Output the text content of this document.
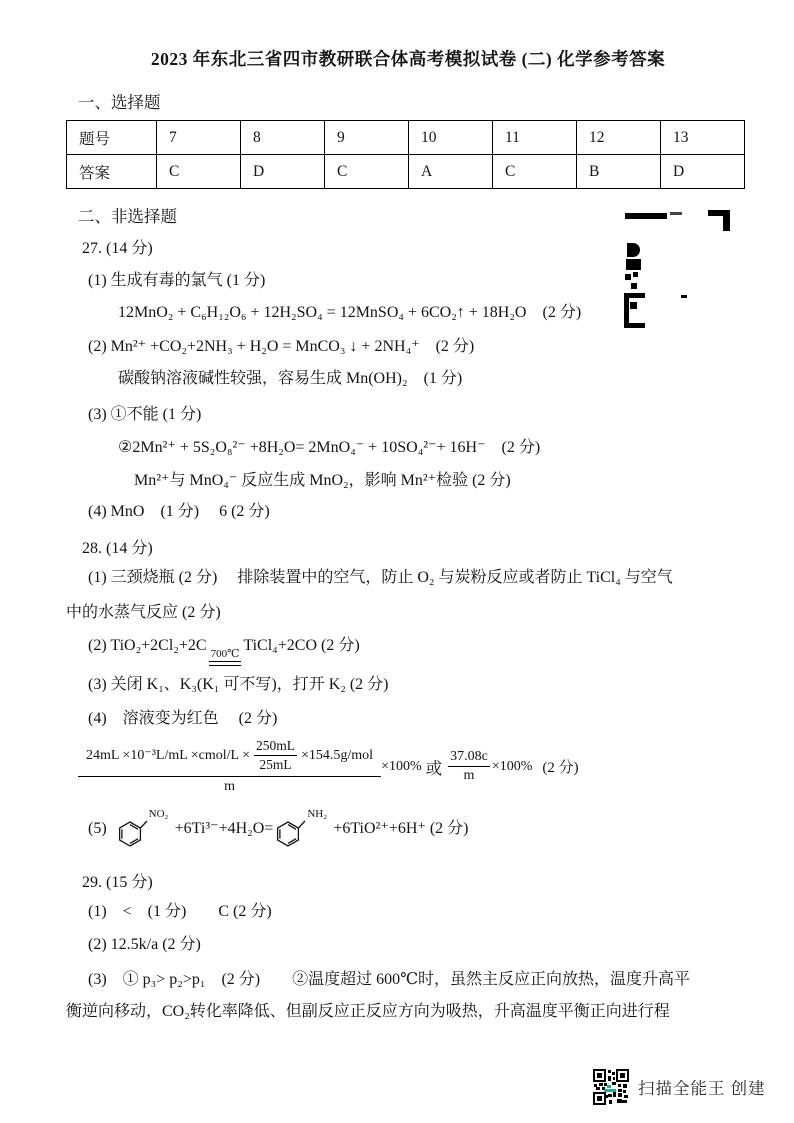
2023 年东北三省四市教研联合体高考模拟试卷 (二) 化学参考答案
一、选择题
题号	7	8	9	10	11	12	13
答案	C	D	C	A	C	B	D
二、非选择题
27. (14 分)
(1) 生成有毒的氯气 (1 分)
12MnO₂ + C₆H₁₂O₆ + 12H₂SO₄ = 12MnSO₄ + 6CO₂↑ + 18H₂O　(2 分)
(2) Mn²⁺ +CO₂+2NH₃ + H₂O = MnCO₃ ↓ + 2NH₄⁺　(2 分)
碳酸钠溶液碱性较强，容易生成 Mn(OH)₂　(1 分)
(3) ①不能 (1 分)
②2Mn²⁺ + 5S₂O₈²⁻ +8H₂O= 2MnO₄⁻ + 10SO₄²⁻+ 16H⁻　(2 分)
Mn²⁺与 MnO₄⁻ 反应生成 MnO₂，影响 Mn²⁺检验 (2 分)
(4) MnO　(1 分)　 6 (2 分)
28. (14 分)
(1) 三颈烧瓶 (2 分)　 排除装置中的空气，防止 O₂ 与炭粉反应或者防止 TiCl₄ 与空气
中的水蒸气反应 (2 分)
(2) TiO₂+2Cl₂+2C 700℃ TiCl₄+2CO (2 分)
(3) 关闭 K₁、K₃(K₁ 可不写)，打开 K₂ (2 分)
(4)　溶液变为红色　 (2 分)
24mL ×10⁻³L/mL ×cmol/L × $\frac{250mL}{25mL} \times 154.5g/mol$
m
×100% 或 $\frac{37.08c}{m} \times 100\%$ (2 分)
(5)
NO₂
+6Ti³⁻+4H₂O=
NH₂
+6TiO²⁺+6H⁺ (2 分)
29. (15 分)
(1)　<　(1 分)　　C (2 分)
(2) 12.5k/a (2 分)
(3)　① p₃> p₂>p₁　(2 分)　　②温度超过 600℃时，虽然主反应正向放热，温度升高平
衡逆向移动，CO₂转化率降低、但副反应正反应方向为吸热，升高温度平衡正向进行程
扫描全能王 创建
